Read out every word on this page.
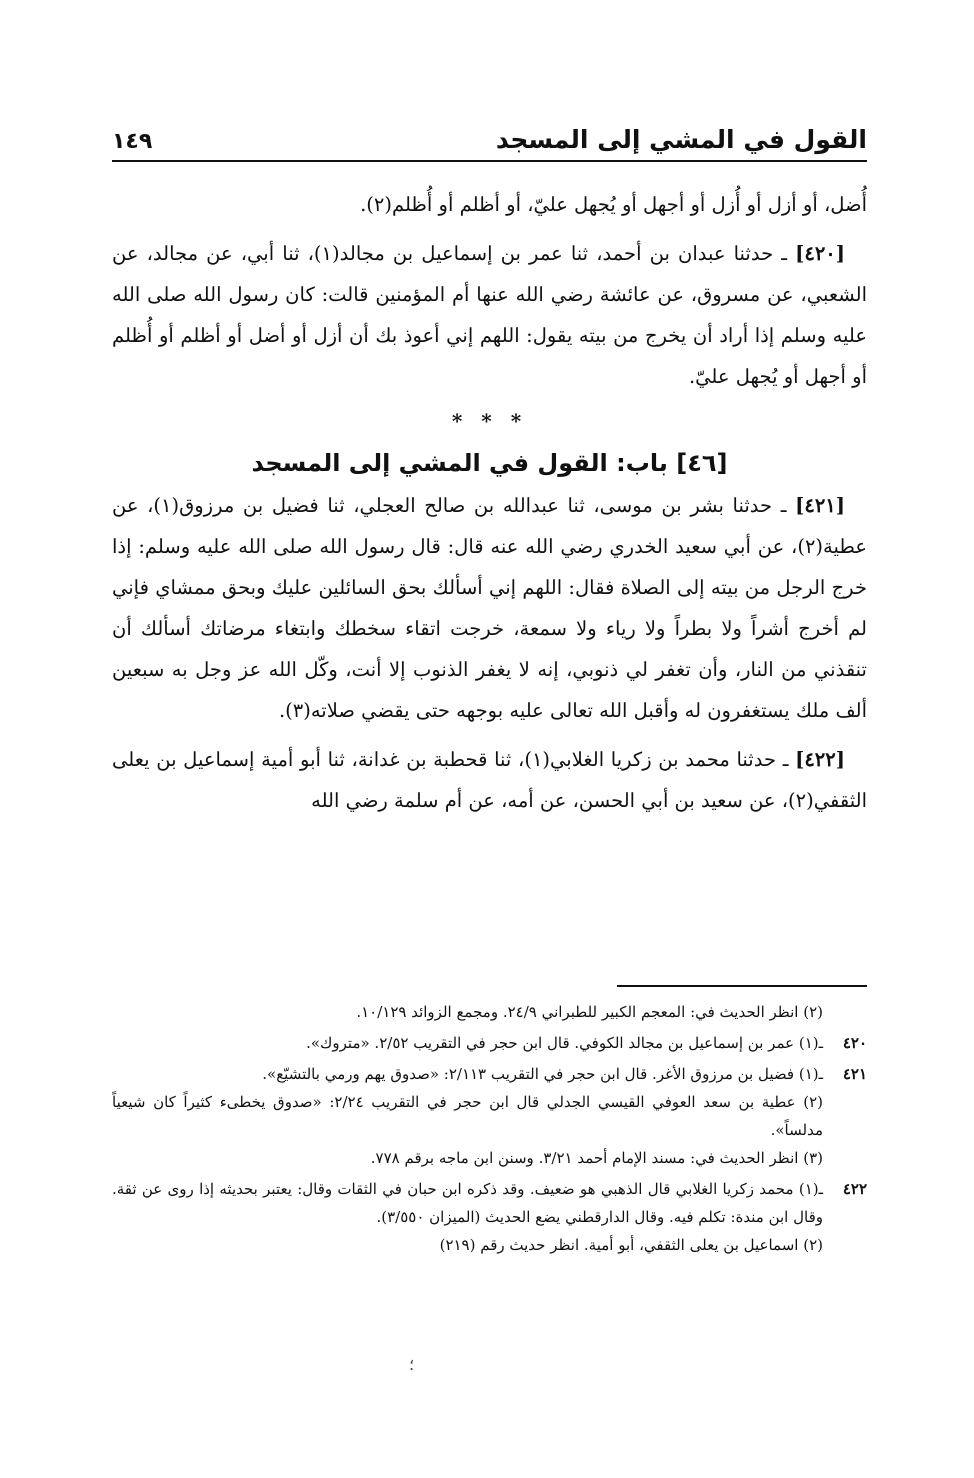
القول في المشي إلى المسجد
١٤٩

أُضل، أو أزل أو أُزل أو أجهل أو يُجهل عليّ، أو أظلم أو أُظلم(٢).

[٤٢٠] ـ حدثنا عبدان بن أحمد، ثنا عمر بن إسماعيل بن مجالد(١)، ثنا أبي، عن مجالد، عن الشعبي، عن مسروق، عن عائشة رضي الله عنها أم المؤمنين قالت: كان رسول الله صلى الله عليه وسلم إذا أراد أن يخرج من بيته يقول: اللهم إني أعوذ بك أن أزل أو أضل أو أظلم أو أُظلم أو أجهل أو يُجهل عليّ.

* * *
[٤٦] باب: القول في المشي إلى المسجد

[٤٢١] ـ حدثنا بشر بن موسى، ثنا عبدالله بن صالح العجلي، ثنا فضيل بن مرزوق(١)، عن عطية(٢)، عن أبي سعيد الخدري رضي الله عنه قال: قال رسول الله صلى الله عليه وسلم: إذا خرج الرجل من بيته إلى الصلاة فقال: اللهم إني أسألك بحق السائلين عليك وبحق ممشاي فإني لم أخرج أشراً ولا بطراً ولا رياء ولا سمعة، خرجت اتقاء سخطك وابتغاء مرضاتك أسألك أن تنقذني من النار، وأن تغفر لي ذنوبي، إنه لا يغفر الذنوب إلا أنت، وكّل الله عز وجل به سبعين ألف ملك يستغفرون له وأقبل الله تعالى عليه بوجهه حتى يقضي صلاته(٣).

[٤٢٢] ـ حدثنا محمد بن زكريا الغلابي(١)، ثنا قحطبة بن غدانة، ثنا أبو أمية إسماعيل بن يعلى الثقفي(٢)، عن سعيد بن أبي الحسن، عن أمه، عن أم سلمة رضي الله

(٢) انظر الحديث في: المعجم الكبير للطبراني ٢٤/٩. ومجمع الزوائد ١٠/١٢٩.

٤٢٠

ـ(١) عمر بن إسماعيل بن مجالد الكوفي. قال ابن حجر في التقريب ٢/٥٢. «متروك».

٤٢١

ـ(١) فضيل بن مرزوق الأغر. قال ابن حجر في التقريب ٢/١١٣: «صدوق يهم ورمي بالتشيّع».

(٢) عطية بن سعد العوفي القيسي الجدلي قال ابن حجر في التقريب ٢/٢٤: «صدوق يخطىء كثيراً كان شيعياً مدلساً».

(٣) انظر الحديث في: مسند الإمام أحمد ٣/٢١. وسنن ابن ماجه برقم ٧٧٨.

٤٢٢

ـ(١) محمد زكريا الغلابي قال الذهبي هو ضعيف. وقد ذكره ابن حبان في الثقات وقال: يعتبر بحديثه إذا روى عن ثقة. وقال ابن مندة: تكلم فيه. وقال الدارقطني يضع الحديث (الميزان ٣/٥٥٠).

(٢) اسماعيل بن يعلى الثقفي، أبو أمية. انظر حديث رقم (٢١٩)

؛
